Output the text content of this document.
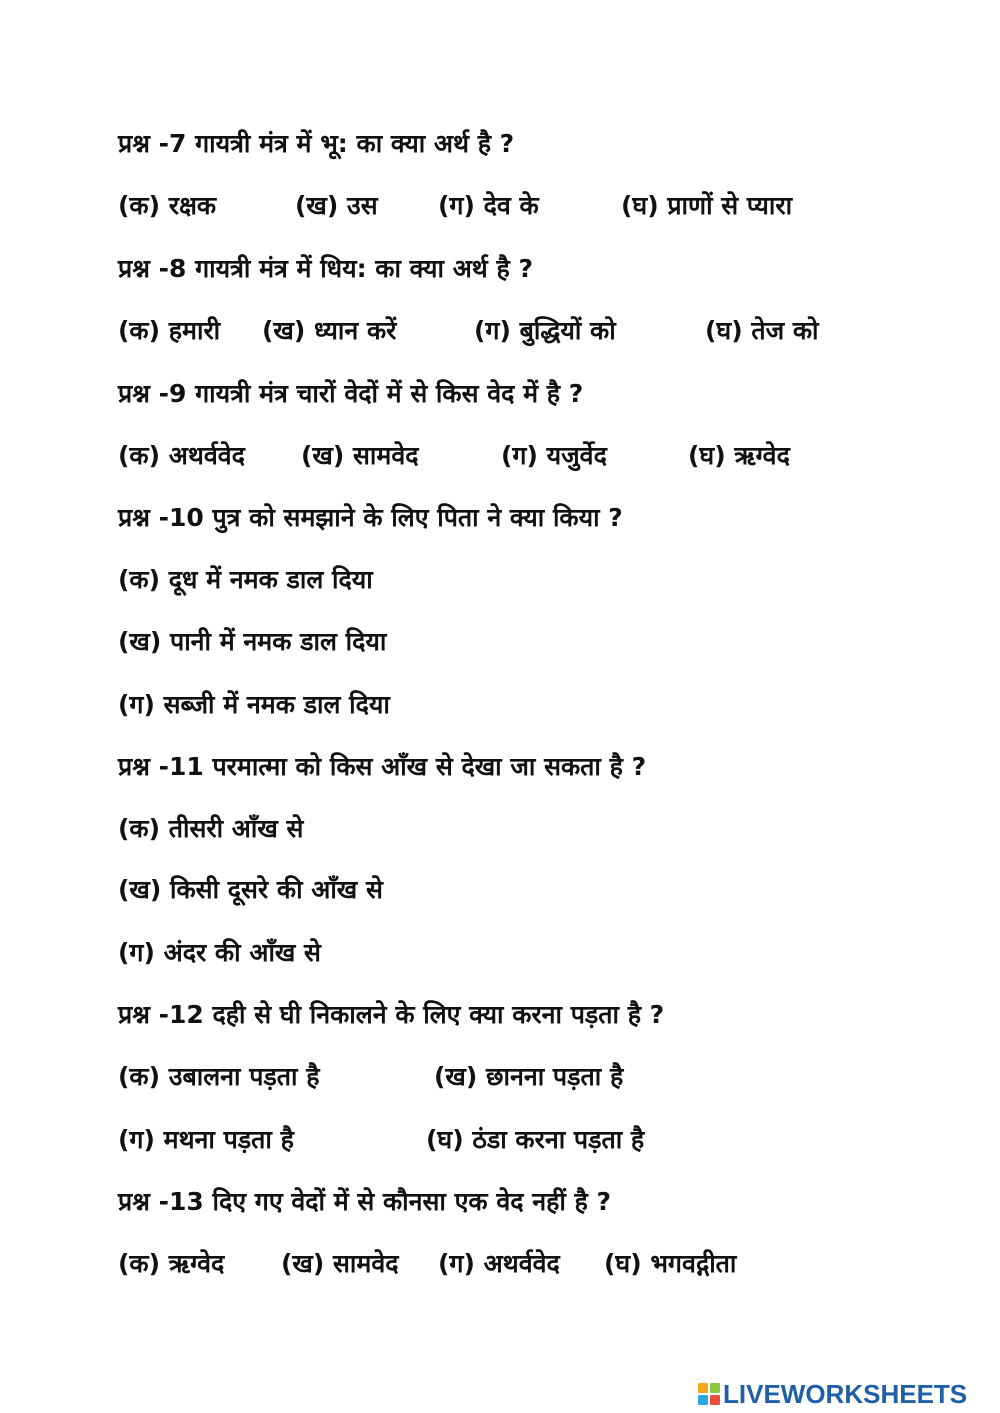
प्रश्न -7 गायत्री मंत्र में भू: का क्या अर्थ है ?
(क) रक्षक	(ख) उस (ग) देव के	(घ) प्राणों से प्यारा
प्रश्न -8 गायत्री मंत्र में धिय: का क्या अर्थ है ?
(क) हमारी (ख) ध्यान करें	(ग) बुद्धियों को	(घ) तेज को
प्रश्न -9 गायत्री मंत्र चारों वेदों में से किस वेद में है ?
(क) अथर्ववेद (ख) सामवेद	(ग) यजुर्वेद	(घ) ऋग्वेद
प्रश्न -10 पुत्र को समझाने के लिए पिता ने क्या किया ?
(क) दूध में नमक डाल दिया
(ख) पानी में नमक डाल दिया
(ग) सब्जी में नमक डाल दिया
प्रश्न -11 परमात्मा को किस आँख से देखा जा सकता है ?
(क) तीसरी आँख से
(ख) किसी दूसरे की आँख से
(ग) अंदर की आँख से
प्रश्न -12 दही से घी निकालने के लिए क्या करना पड़ता है ?
(क) उबालना पड़ता है	(ख) छानना पड़ता है
(ग) मथना पड़ता है	(घ) ठंडा करना पड़ता है
प्रश्न -13 दिए गए वेदों में से कौनसा एक वेद नहीं है ?
(क) ऋग्वेद (ख) सामवेद (ग) अथर्ववेद (घ) भगवद्गीता
LIVEWORKSHEETS
